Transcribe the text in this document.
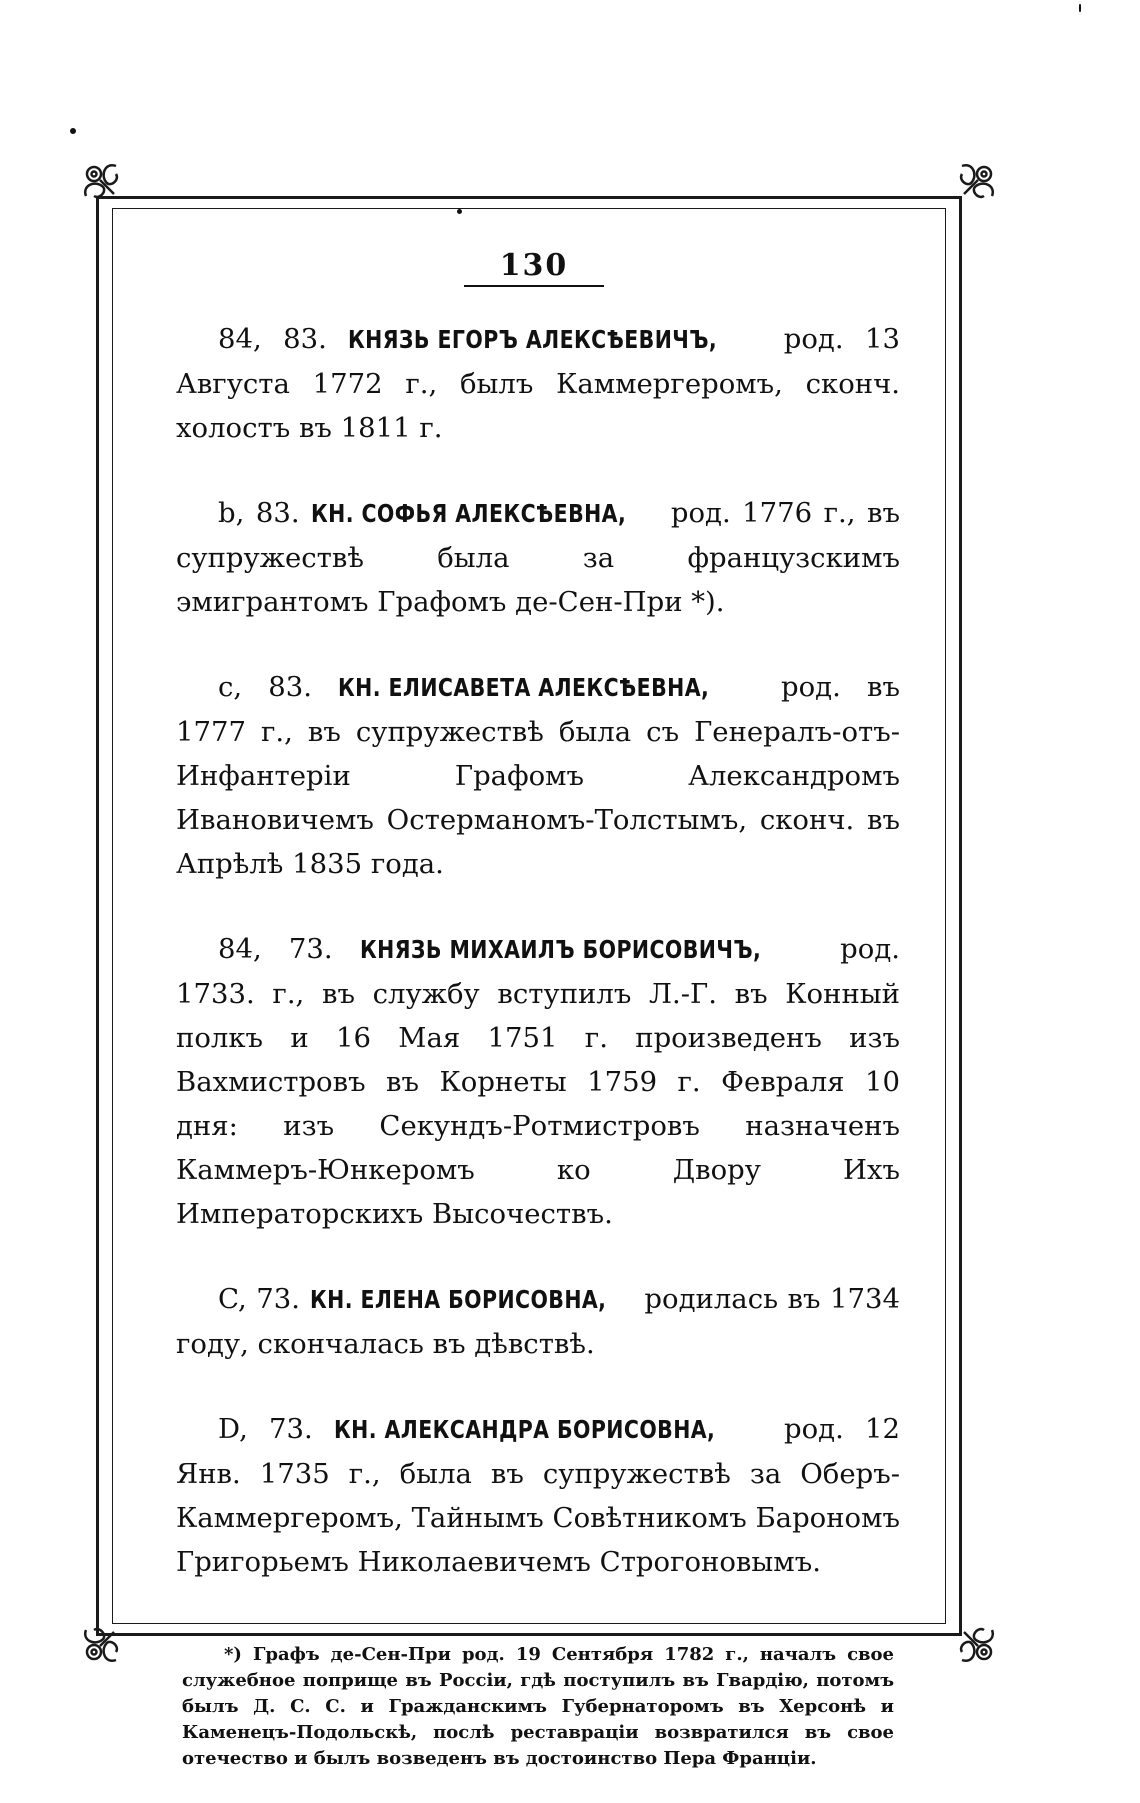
130

84, 83. КНЯЗЬ ЕГОРЪ АЛЕКСѢЕВИЧЪ, род. 13 Августа 1772 г., былъ Каммергеромъ, сконч. холостъ въ 1811 г.

b, 83. КН. СОФЬЯ АЛЕКСѢЕВНА, род. 1776 г., въ супружествѣ была за французскимъ эмигрантомъ Графомъ де-Сен-При *).

c, 83. КН. ЕЛИСАВЕТА АЛЕКСѢЕВНА, род. въ 1777 г., въ супружествѣ была съ Генералъ-отъ-Инфантеріи Графомъ Александромъ Ивановичемъ Остерманомъ-Толстымъ, сконч. въ Апрѣлѣ 1835 года.

84, 73. КНЯЗЬ МИХАИЛЪ БОРИСОВИЧЪ, род. 1733. г., въ службу вступилъ Л.-Г. въ Конный полкъ и 16 Мая 1751 г. произведенъ изъ Вахмистровъ въ Корнеты 1759 г. Февраля 10 дня: изъ Секундъ-Ротмистровъ назначенъ Каммеръ-Юнкеромъ ко Двору Ихъ Императорскихъ Высочествъ.

C, 73. КН. ЕЛЕНА БОРИСОВНА, родилась въ 1734 году, скончалась въ дѣвствѣ.

D, 73. КН. АЛЕКСАНДРА БОРИСОВНА, род. 12 Янв. 1735 г., была въ супружествѣ за Оберъ-Каммергеромъ, Тайнымъ Совѣтникомъ Барономъ Григорьемъ Николаевичемъ Строгоновымъ.

*) Графъ де-Сен-При род. 19 Сентября 1782 г., началъ свое служебное поприще въ Россіи, гдѣ поступилъ въ Гвардію, потомъ былъ Д. С. С. и Гражданскимъ Губернаторомъ въ Херсонѣ и Каменецъ-Подольскѣ, послѣ реставраціи возвратился въ свое отечество и былъ возведенъ въ достоинство Пера Франціи.
